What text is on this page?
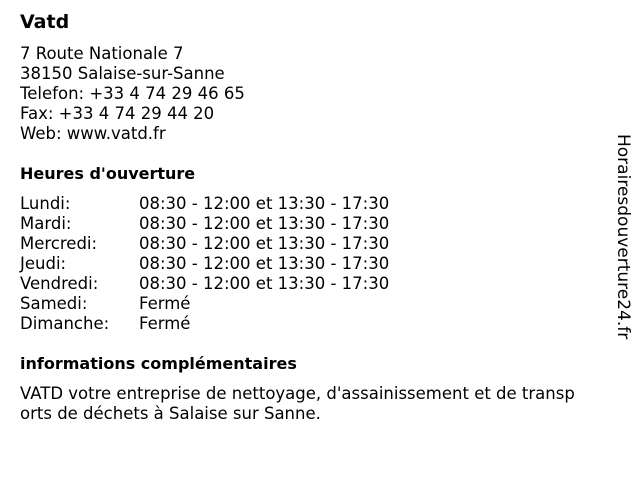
Vatd
7 Route Nationale 7
38150 Salaise-sur-Sanne
Telefon: +33 4 74 29 46 65
Fax: +33 4 74 29 44 20
Web: www.vatd.fr
Heures d'ouverture
Lundi:	08:30 - 12:00 et 13:30 - 17:30
Mardi:	08:30 - 12:00 et 13:30 - 17:30
Mercredi:	08:30 - 12:00 et 13:30 - 17:30
Jeudi:	08:30 - 12:00 et 13:30 - 17:30
Vendredi:	08:30 - 12:00 et 13:30 - 17:30
Samedi:	Fermé
Dimanche:	Fermé
informations complémentaires
VATD votre entreprise de nettoyage, d'assainissement et de transp
orts de déchets à Salaise sur Sanne.
Horairesdouverture24.fr
